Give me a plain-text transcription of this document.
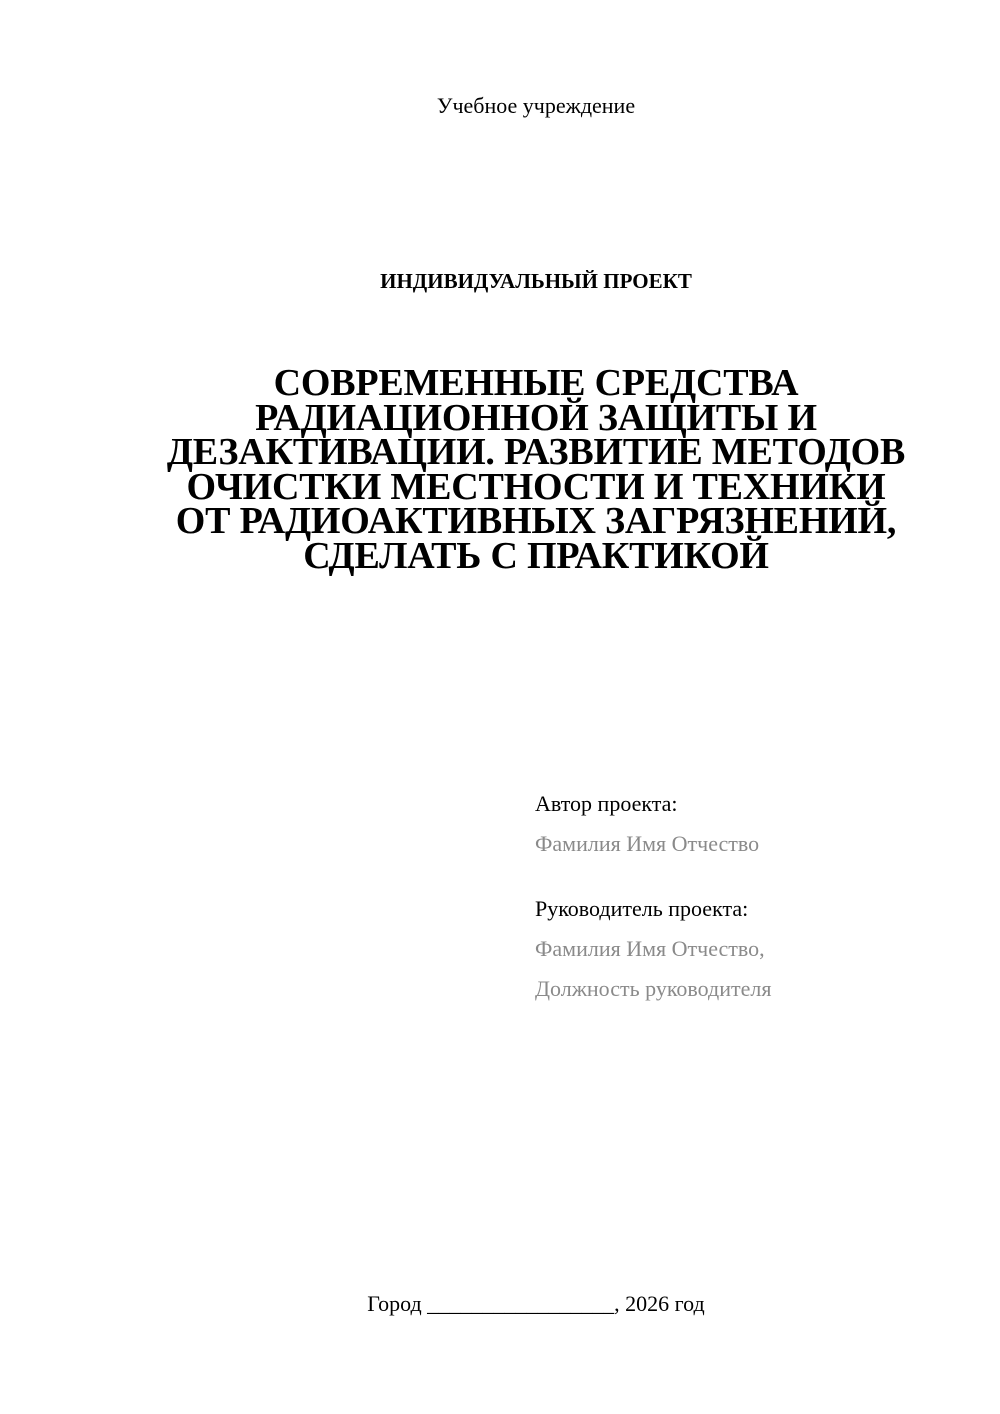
Учебное учреждение
ИНДИВИДУАЛЬНЫЙ ПРОЕКТ
СОВРЕМЕННЫЕ СРЕДСТВА
РАДИАЦИОННОЙ ЗАЩИТЫ И
ДЕЗАКТИВАЦИИ. РАЗВИТИЕ МЕТОДОВ
ОЧИСТКИ МЕСТНОСТИ И ТЕХНИКИ
ОТ РАДИОАКТИВНЫХ ЗАГРЯЗНЕНИЙ,
СДЕЛАТЬ С ПРАКТИКОЙ
Автор проекта:
Фамилия Имя Отчество
Руководитель проекта:
Фамилия Имя Отчество,
Должность руководителя
Город _________________, 2026 год
